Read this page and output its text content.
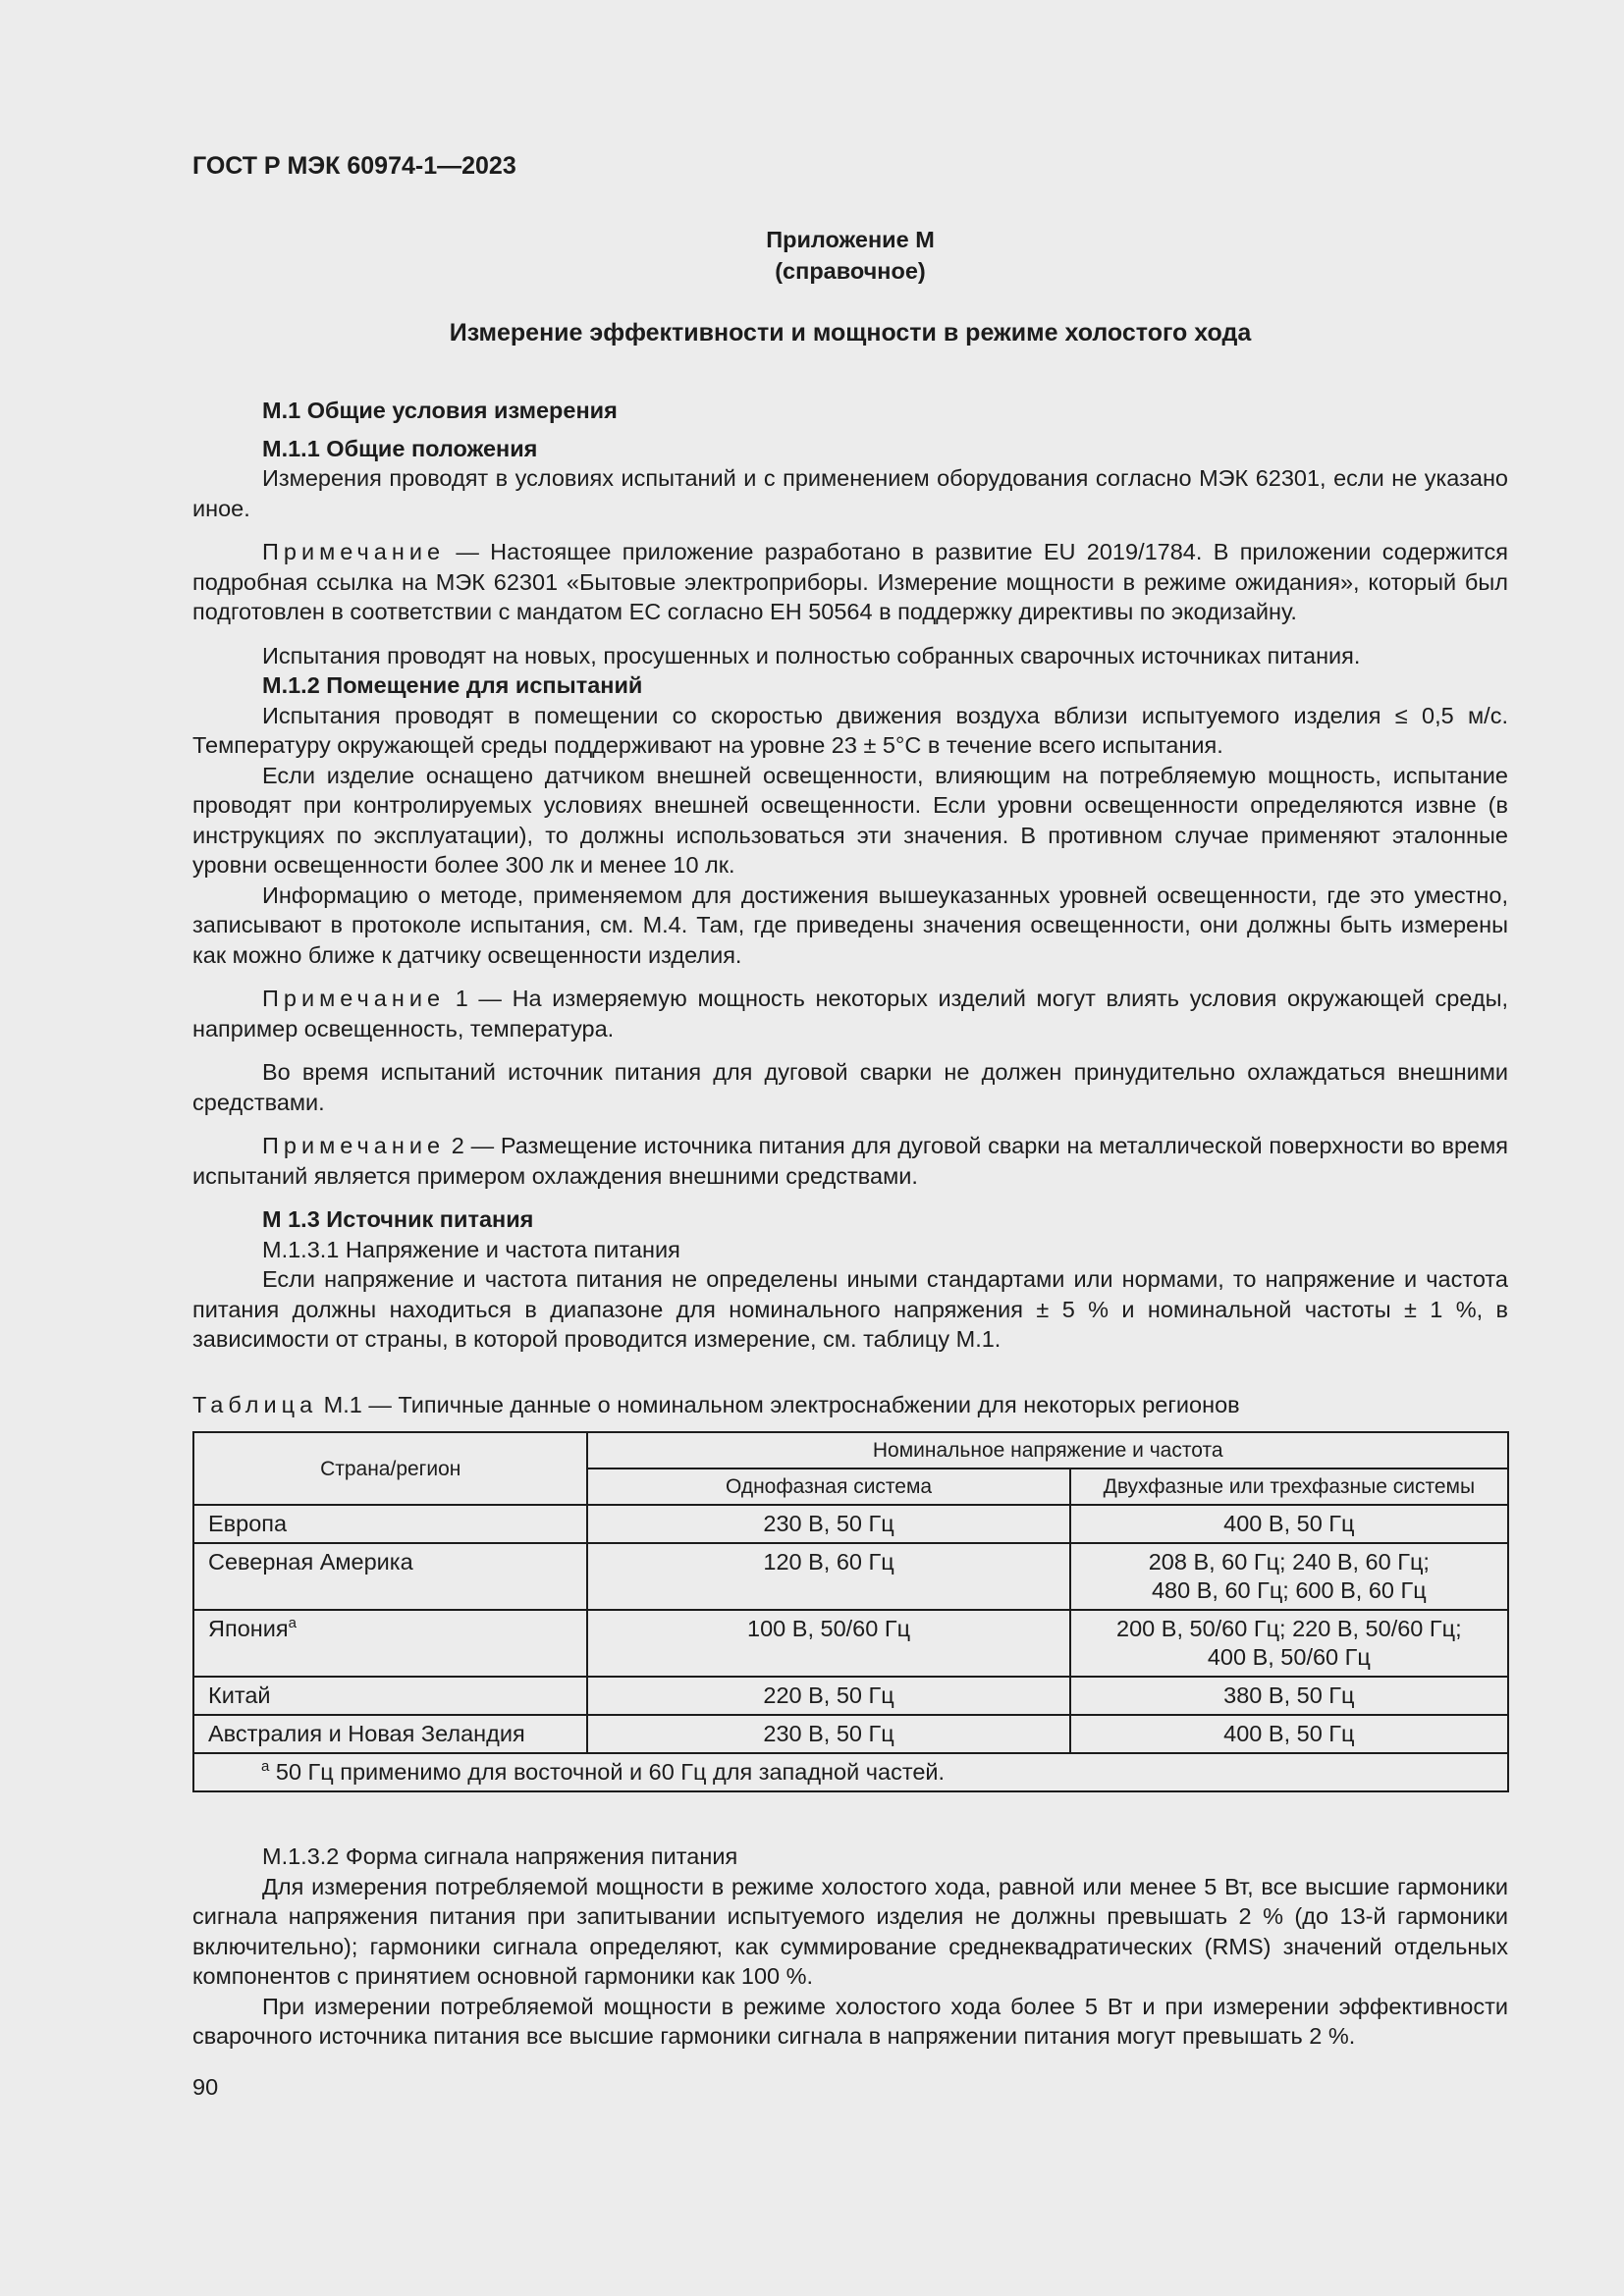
ГОСТ Р МЭК 60974-1—2023
Приложение М
(справочное)
Измерение эффективности и мощности в режиме холостого хода

М.1 Общие условия измерения

М.1.1 Общие положения

Измерения проводят в условиях испытаний и с применением оборудования согласно МЭК 62301, если не указано иное.

Примечание — Настоящее приложение разработано в развитие EU 2019/1784. В приложении содержится подробная ссылка на МЭК 62301 «Бытовые электроприборы. Измерение мощности в режиме ожидания», который был подготовлен в соответствии с мандатом ЕС согласно ЕН 50564 в поддержку директивы по экодизайну.

Испытания проводят на новых, просушенных и полностью собранных сварочных источниках питания.

М.1.2 Помещение для испытаний

Испытания проводят в помещении со скоростью движения воздуха вблизи испытуемого изделия ≤ 0,5 м/с. Температуру окружающей среды поддерживают на уровне 23 ± 5°С в течение всего испытания.

Если изделие оснащено датчиком внешней освещенности, влияющим на потребляемую мощность, испытание проводят при контролируемых условиях внешней освещенности. Если уровни освещенности определяются извне (в инструкциях по эксплуатации), то должны использоваться эти значения. В противном случае применяют эталонные уровни освещенности более 300 лк и менее 10 лк.

Информацию о методе, применяемом для достижения вышеуказанных уровней освещенности, где это уместно, записывают в протоколе испытания, см. М.4. Там, где приведены значения освещенности, они должны быть измерены как можно ближе к датчику освещенности изделия.

Примечание 1 — На измеряемую мощность некоторых изделий могут влиять условия окружающей среды, например освещенность, температура.

Во время испытаний источник питания для дуговой сварки не должен принудительно охлаждаться внешними средствами.

Примечание 2 — Размещение источника питания для дуговой сварки на металлической поверхности во время испытаний является примером охлаждения внешними средствами.

М 1.3 Источник питания

М.1.3.1 Напряжение и частота питания

Если напряжение и частота питания не определены иными стандартами или нормами, то напряжение и частота питания должны находиться в диапазоне для номинального напряжения ± 5 % и номинальной частоты ± 1 %, в зависимости от страны, в которой проводится измерение, см. таблицу М.1.

Таблица М.1 — Типичные данные о номинальном электроснабжении для некоторых регионов

Страна/регион	Номинальное напряжение и частота	
	Однофазная система	Двухфазные или трехфазные системы
Европа	230 В, 50 Гц	400 В, 50 Гц
Северная Америка	120 В, 60 Гц	208 В, 60 Гц; 240 В, 60 Гц;
480 В, 60 Гц; 600 В, 60 Гц
Япония$^a$	100 В, 50/60 Гц	200 В, 50/60 Гц; 220 В, 50/60 Гц;
400 В, 50/60 Гц
Китай	220 В, 50 Гц	380 В, 50 Гц
Австралия и Новая Зеландия	230 В, 50 Гц	400 В, 50 Гц
$^a$ 50 Гц применимо для восточной и 60 Гц для западной частей.		

М.1.3.2 Форма сигнала напряжения питания

Для измерения потребляемой мощности в режиме холостого хода, равной или менее 5 Вт, все высшие гармоники сигнала напряжения питания при запитывании испытуемого изделия не должны превышать 2 % (до 13-й гармоники включительно); гармоники сигнала определяют, как суммирование среднеквадратических (RMS) значений отдельных компонентов с принятием основной гармоники как 100 %.

При измерении потребляемой мощности в режиме холостого хода более 5 Вт и при измерении эффективности сварочного источника питания все высшие гармоники сигнала в напряжении питания могут превышать 2 %.

90
